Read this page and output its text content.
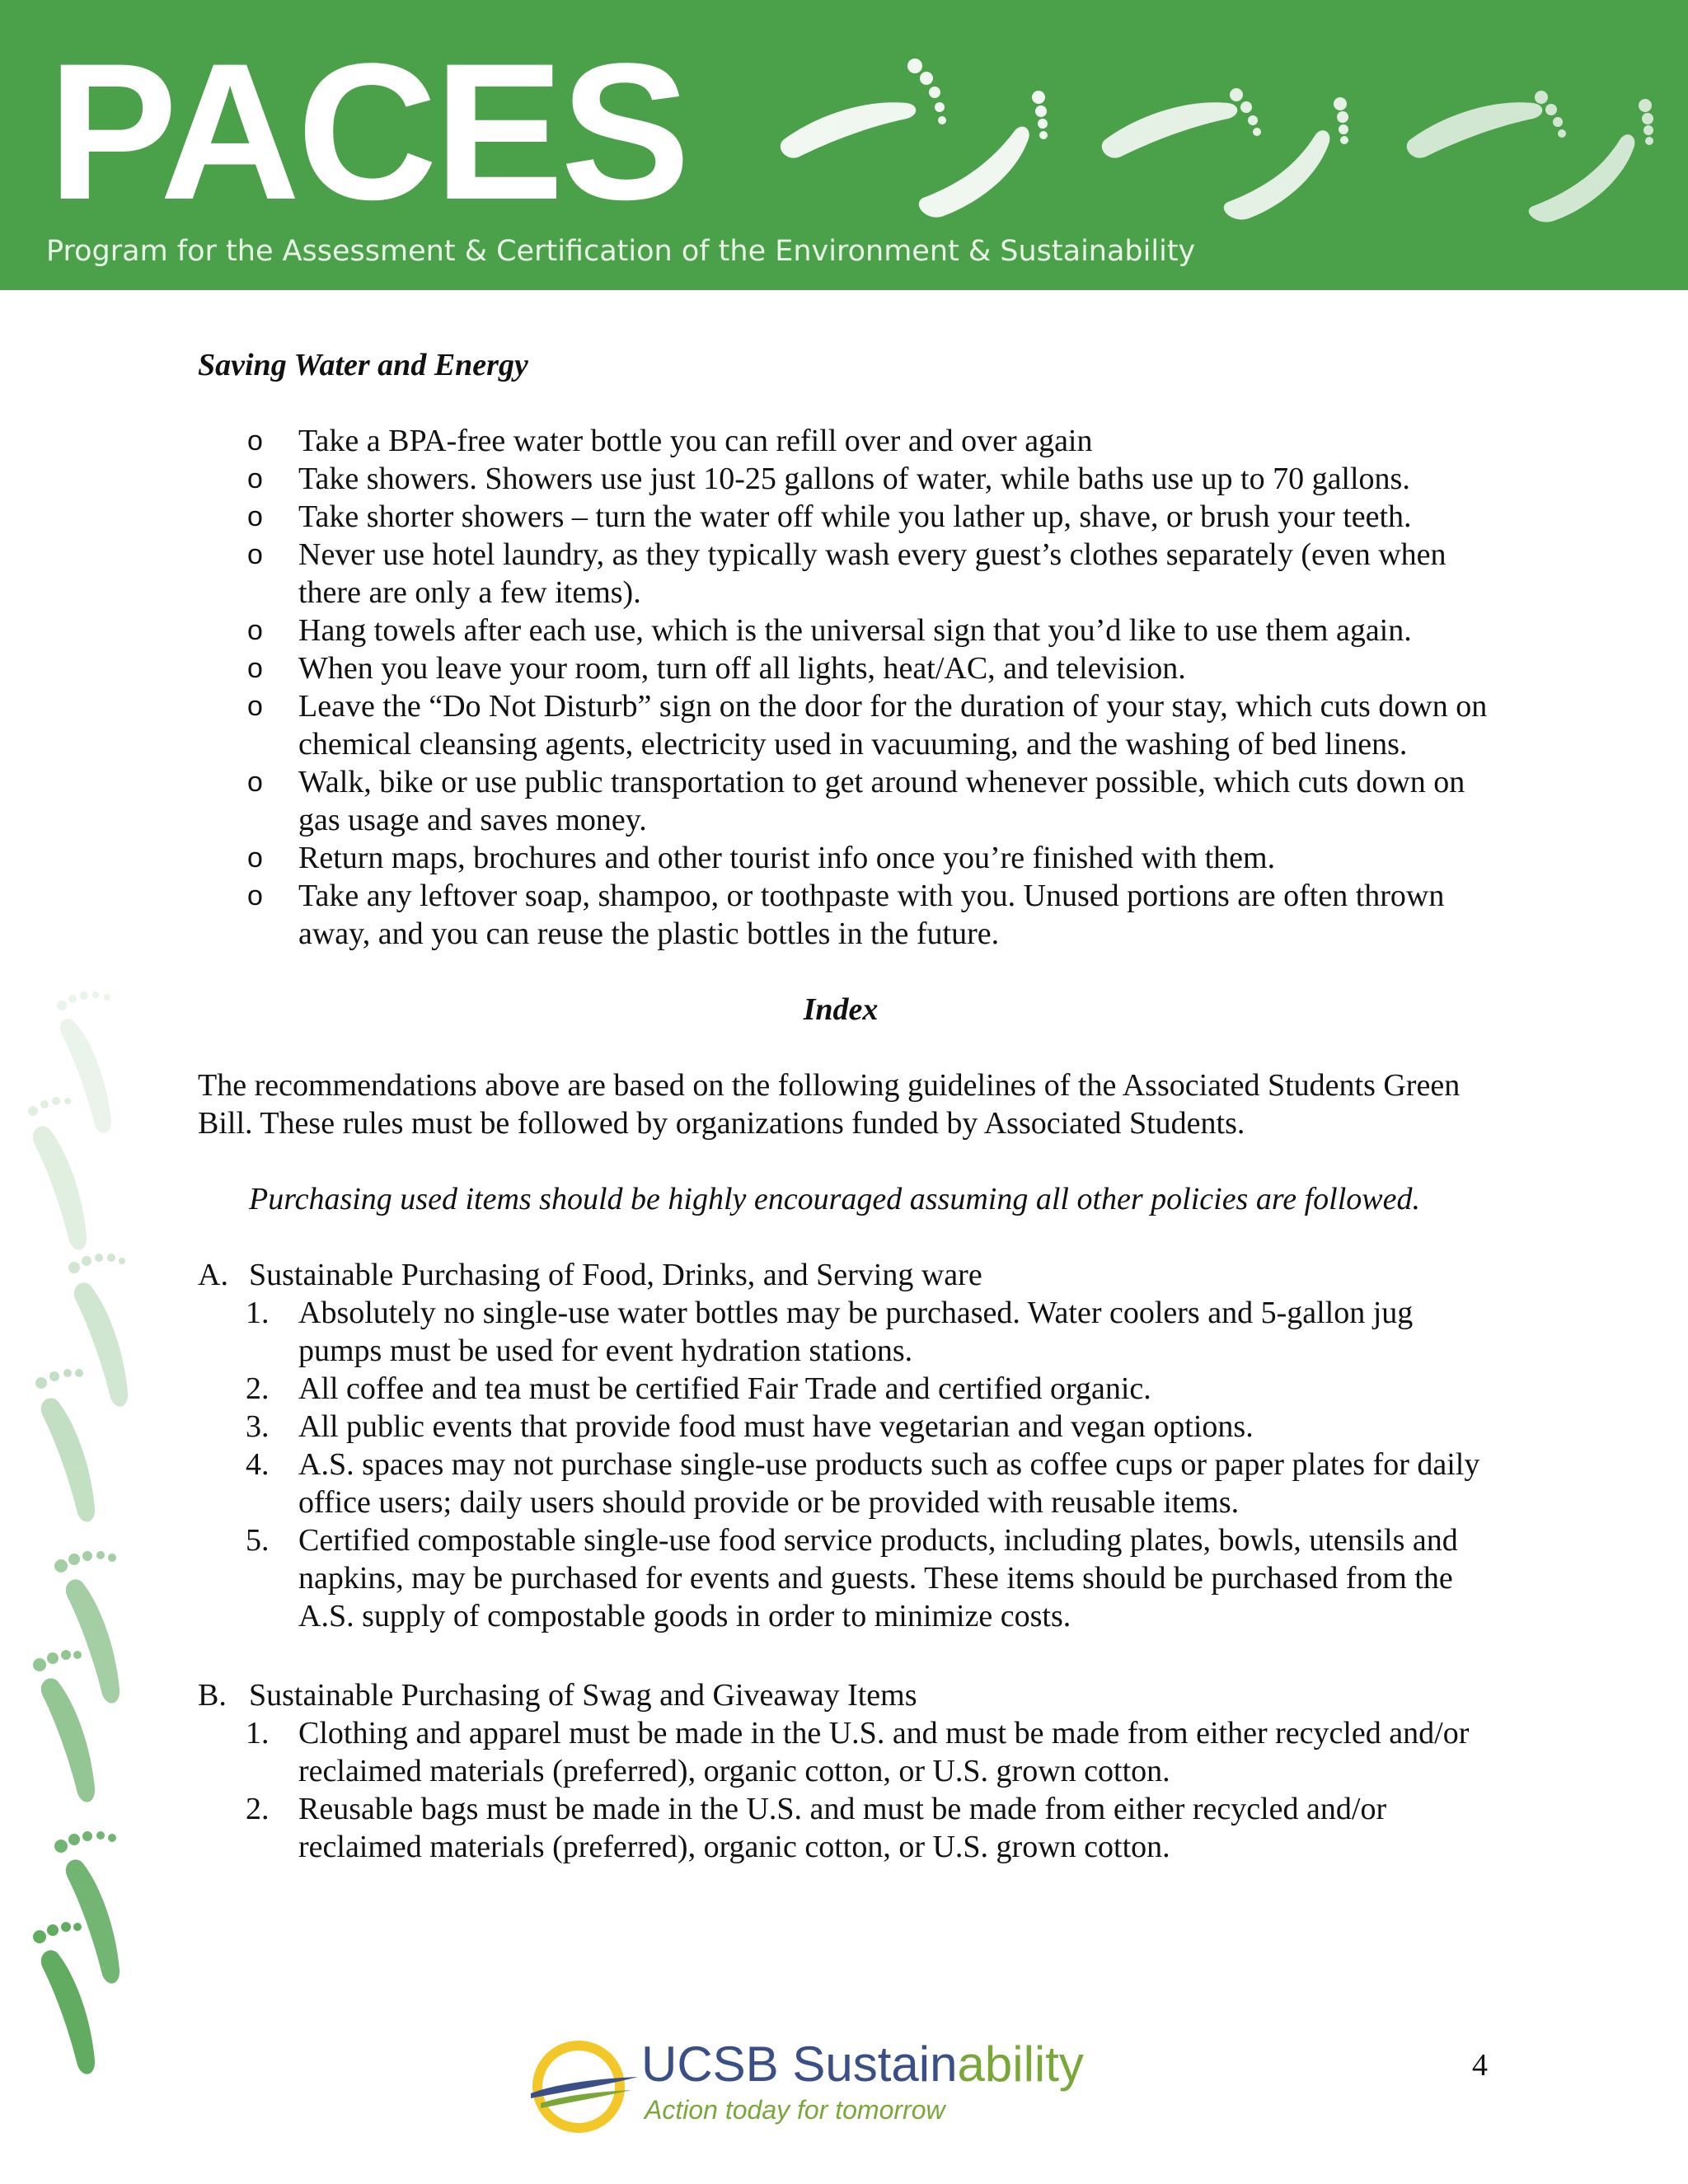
PACES
Program for the Assessment & Certification of the Environment & Sustainability

Saving Water and Energy

o Take a BPA-free water bottle you can refill over and over again
o Take showers. Showers use just 10-25 gallons of water, while baths use up to 70 gallons.
o Take shorter showers – turn the water off while you lather up, shave, or brush your teeth.
o Never use hotel laundry, as they typically wash every guest’s clothes separately (even when there are only a few items).
o Hang towels after each use, which is the universal sign that you’d like to use them again.
o When you leave your room, turn off all lights, heat/AC, and television.
o Leave the “Do Not Disturb” sign on the door for the duration of your stay, which cuts down on chemical cleansing agents, electricity used in vacuuming, and the washing of bed linens.
o Walk, bike or use public transportation to get around whenever possible, which cuts down on gas usage and saves money.
o Return maps, brochures and other tourist info once you’re finished with them.
o Take any leftover soap, shampoo, or toothpaste with you. Unused portions are often thrown away, and you can reuse the plastic bottles in the future.
Index

The recommendations above are based on the following guidelines of the Associated Students Green Bill. These rules must be followed by organizations funded by Associated Students.

Purchasing used items should be highly encouraged assuming all other policies are followed.

A. Sustainable Purchasing of Food, Drinks, and Serving ware
1. Absolutely no single-use water bottles may be purchased. Water coolers and 5-gallon jug pumps must be used for event hydration stations.
2. All coffee and tea must be certified Fair Trade and certified organic.
3. All public events that provide food must have vegetarian and vegan options.
4. A.S. spaces may not purchase single-use products such as coffee cups or paper plates for daily office users; daily users should provide or be provided with reusable items.
5. Certified compostable single-use food service products, including plates, bowls, utensils and napkins, may be purchased for events and guests. These items should be purchased from the A.S. supply of compostable goods in order to minimize costs.
B. Sustainable Purchasing of Swag and Giveaway Items
1. Clothing and apparel must be made in the U.S. and must be made from either recycled and/or reclaimed materials (preferred), organic cotton, or U.S. grown cotton.
2. Reusable bags must be made in the U.S. and must be made from either recycled and/or reclaimed materials (preferred), organic cotton, or U.S. grown cotton.
UCSB Sustainability
Action today for tomorrow
4
